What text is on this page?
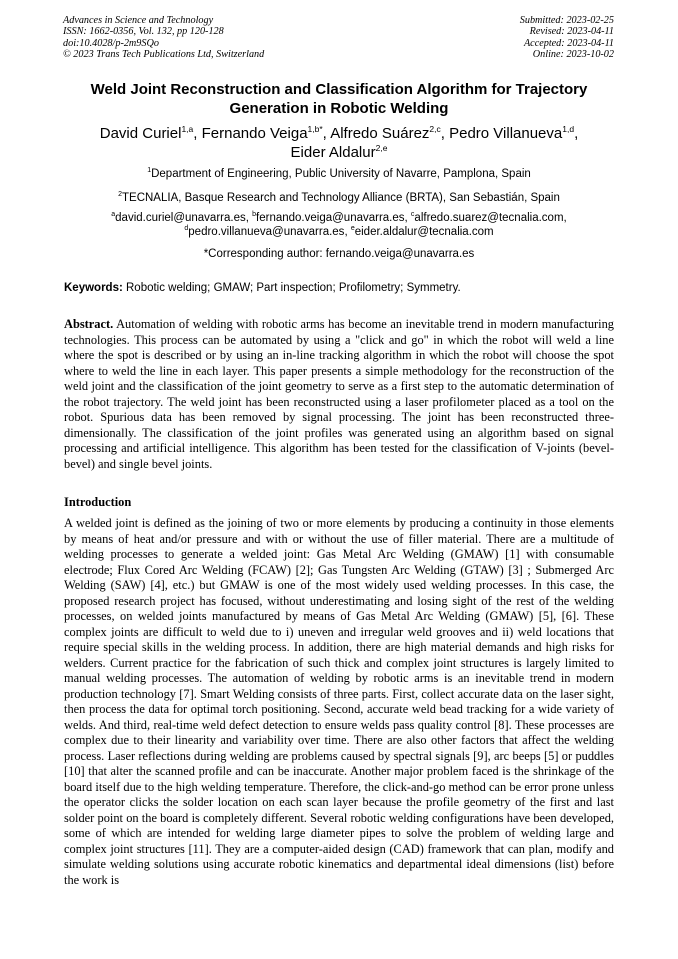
Advances in Science and Technology
ISSN: 1662-0356, Vol. 132, pp 120-128
doi:10.4028/p-2m9SQo
© 2023 Trans Tech Publications Ltd, Switzerland
Submitted: 2023-02-25
Revised: 2023-04-11
Accepted: 2023-04-11
Online: 2023-10-02
Weld Joint Reconstruction and Classification Algorithm for Trajectory Generation in Robotic Welding
David Curiel$^{1,a}$, Fernando Veiga$^{1,b*}$, Alfredo Suárez$^{2,c}$, Pedro Villanueva$^{1,d}$,
Eider Aldalur$^{2,e}$
$^1$Department of Engineering, Public University of Navarre, Pamplona, Spain
$^2$TECNALIA, Basque Research and Technology Alliance (BRTA), San Sebastián, Spain
$^a$david.curiel@unavarra.es, $^b$fernando.veiga@unavarra.es, $^c$alfredo.suarez@tecnalia.com,
$^d$pedro.villanueva@unavarra.es, $^e$eider.aldalur@tecnalia.com
*Corresponding author: fernando.veiga@unavarra.es
Keywords: Robotic welding; GMAW; Part inspection; Profilometry; Symmetry.
Abstract. Automation of welding with robotic arms has become an inevitable trend in modern manufacturing technologies. This process can be automated by using a "click and go" in which the robot will weld a line where the spot is described or by using an in-line tracking algorithm in which the robot will choose the spot where to weld the line in each layer. This paper presents a simple methodology for the reconstruction of the weld joint and the classification of the joint geometry to serve as a first step to the automatic determination of the robot trajectory. The weld joint has been reconstructed using a laser profilometer placed as a tool on the robot. Spurious data has been removed by signal processing. The joint has been reconstructed three-dimensionally. The classification of the joint profiles was generated using an algorithm based on signal processing and artificial intelligence. This algorithm has been tested for the classification of V-joints (bevel-bevel) and single bevel joints.
Introduction
A welded joint is defined as the joining of two or more elements by producing a continuity in those elements by means of heat and/or pressure and with or without the use of filler material. There are a multitude of welding processes to generate a welded joint: Gas Metal Arc Welding (GMAW) [1] with consumable electrode; Flux Cored Arc Welding (FCAW) [2]; Gas Tungsten Arc Welding (GTAW) [3] ; Submerged Arc Welding (SAW) [4], etc.) but GMAW is one of the most widely used welding processes. In this case, the proposed research project has focused, without underestimating and losing sight of the rest of the welding processes, on welded joints manufactured by means of Gas Metal Arc Welding (GMAW) [5], [6]. These complex joints are difficult to weld due to i) uneven and irregular weld grooves and ii) weld locations that require special skills in the welding process. In addition, there are high material demands and high risks for welders. Current practice for the fabrication of such thick and complex joint structures is largely limited to manual welding processes. The automation of welding by robotic arms is an inevitable trend in modern production technology [7]. Smart Welding consists of three parts. First, collect accurate data on the laser sight, then process the data for optimal torch positioning. Second, accurate weld bead tracking for a wide variety of welds. And third, real-time weld defect detection to ensure welds pass quality control [8]. These processes are complex due to their linearity and variability over time. There are also other factors that affect the welding process. Laser reflections during welding are problems caused by spectral signals [9], arc beeps [5] or puddles [10] that alter the scanned profile and can be inaccurate. Another major problem faced is the shrinkage of the board itself due to the high welding temperature. Therefore, the click-and-go method can be error prone unless the operator clicks the solder location on each scan layer because the profile geometry of the first and last solder point on the board is completely different. Several robotic welding configurations have been developed, some of which are intended for welding large diameter pipes to solve the problem of welding large and complex joint structures [11]. They are a computer-aided design (CAD) framework that can plan, modify and simulate welding solutions using accurate robotic kinematics and departmental ideal dimensions (list) before the work is
